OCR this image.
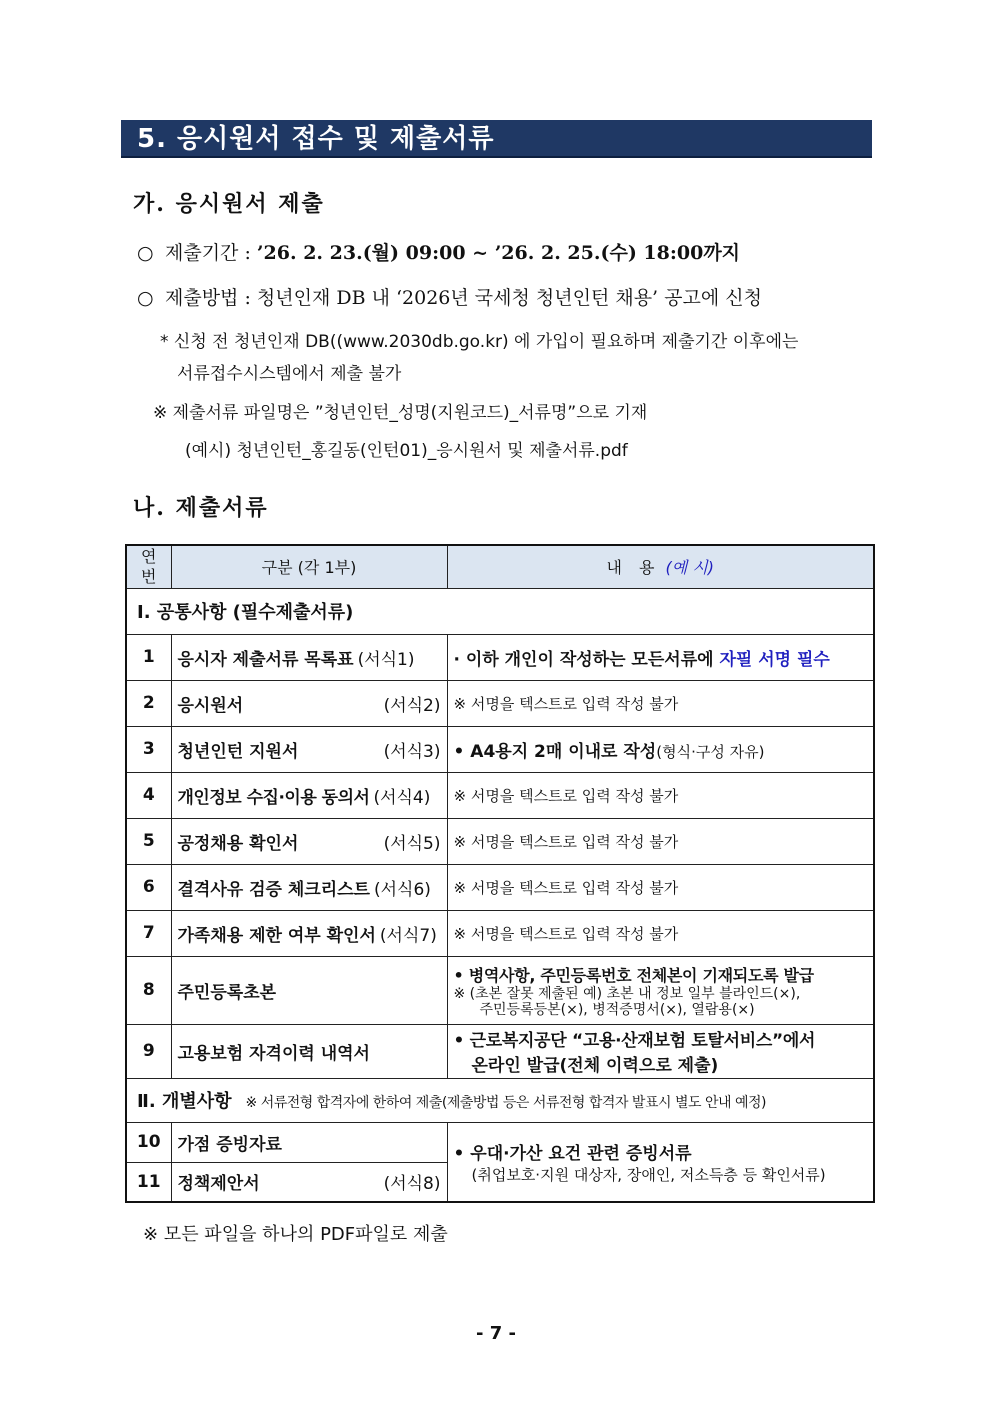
5. 응시원서 접수 및 제출서류
가. 응시원서 제출
○ 제출기간 : ’26. 2. 23.(월) 09:00 ~ ’26. 2. 25.(수) 18:00까지
○ 제출방법 : 청년인재 DB 내 ‘2026년 국세청 청년인턴 채용’ 공고에 신청
* 신청 전 청년인재 DB((www.2030db.go.kr) 에 가입이 필요하며 제출기간 이후에는
서류접수시스템에서 제출 불가
※ 제출서류 파일명은 ”청년인턴_성명(지원코드)_서류명”으로 기재
(예시) 청년인턴_홍길동(인턴01)_응시원서 및 제출서류.pdf
나. 제출서류
연번	구분 (각 1부)	내 용 (예 시)
Ⅰ. 공통사항 (필수제출서류)		
1	응시자 제출서류 목록표 (서식1)	· 이하 개인이 작성하는 모든서류에 자필 서명 필수
2	응시원서 (서식2)	※ 서명을 텍스트로 입력 작성 불가
3	청년인턴 지원서 (서식3)	• A4용지 2매 이내로 작성(형식·구성 자유)
4	개인정보 수집·이용 동의서 (서식4)	※ 서명을 텍스트로 입력 작성 불가
5	공정채용 확인서 (서식5)	※ 서명을 텍스트로 입력 작성 불가
6	결격사유 검증 체크리스트 (서식6)	※ 서명을 텍스트로 입력 작성 불가
7	가족채용 제한 여부 확인서 (서식7)	※ 서명을 텍스트로 입력 작성 불가
8	주민등록초본	• 병역사항, 주민등록번호 전체본이 기재되도록 발급
※ (초본 잘못 제출된 예) 초본 내 정보 일부 블라인드(×),
주민등록등본(×), 병적증명서(×), 열람용(×)

9	고용보험 자격이력 내역서	• 근로복지공단 “고용·산재보험 토탈서비스”에서
온라인 발급(전체 이력으로 제출)

Ⅱ. 개별사항 ※ 서류전형 합격자에 한하여 제출(제출방법 등은 서류전형 합격자 발표시 별도 안내 예정)		
10	가점 증빙자료	• 우대·가산 요건 관련 증빙서류
(취업보호·지원 대상자, 장애인, 저소득층 등 확인서류)

11	정책제안서 (서식8)	
※ 모든 파일을 하나의 PDF파일로 제출
- 7 -
